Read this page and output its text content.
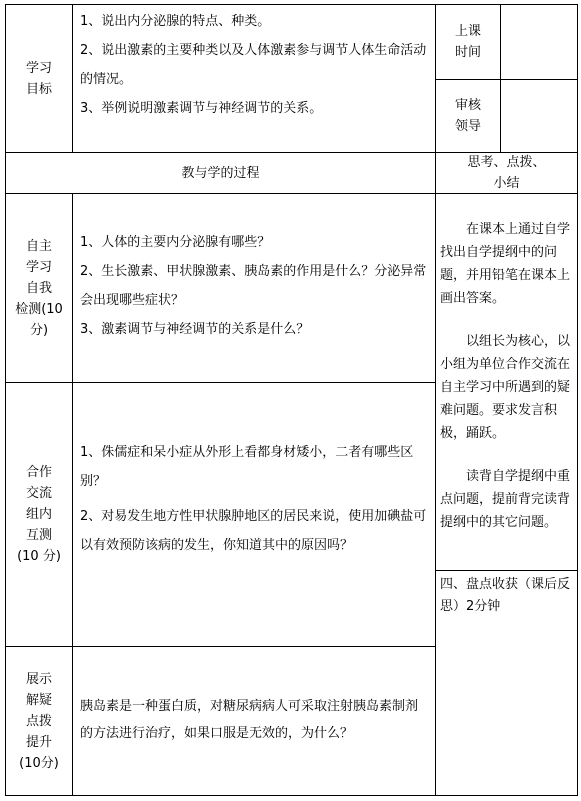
学习
目标

1、说出内分泌腺的特点、种类。

2、说出激素的主要种类以及人体激素参与调节人体生命活动的情况。

3、举例说明激素调节与神经调节的关系。

上课
时间
审核
领导
教与学的过程
思考、点拨、
小结
自主
学习
自我
检测(10
分)

1、人体的主要内分泌腺有哪些？

2、生长激素、甲状腺激素、胰岛素的作用是什么？分泌异常会出现哪些症状？

3、激素调节与神经调节的关系是什么？

合作
交流
组内
互测
(10 分)

1、侏儒症和呆小症从外形上看都身材矮小，二者有哪些区别？

2、对易发生地方性甲状腺肿地区的居民来说，使用加碘盐可以有效预防该病的发生，你知道其中的原因吗？

展示
解疑
点拨
提升
(10分)

胰岛素是一种蛋白质，对糖尿病病人可采取注射胰岛素制剂的方法进行治疗，如果口服是无效的，为什么？

在课本上通过自学找出自学提纲中的问题，并用铅笔在课本上画出答案。

以组长为核心，以小组为单位合作交流在自主学习中所遇到的疑难问题。要求发言积极，踊跃。

读背自学提纲中重点问题，提前背完读背提纲中的其它问题。

四、盘点收获（课后反思）2分钟
